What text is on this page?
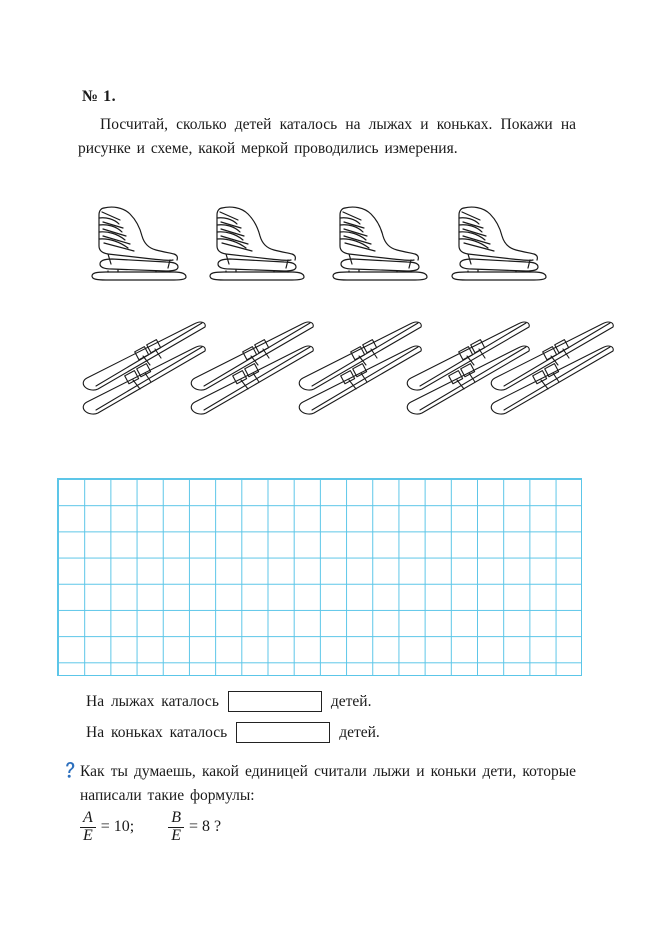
№ 1.
Посчитай, сколько детей каталось на лыжах и коньках. Покажи на рисунке и схеме, какой меркой проводились измерения.
На лыжах каталось	детей.
На коньках каталось	детей.
Как ты думаешь, какой единицей считали лыжи и коньки дети, которые написали такие формулы:
$\frac{A}{E} = 10$; $\frac{B}{E} = 8$ ?
